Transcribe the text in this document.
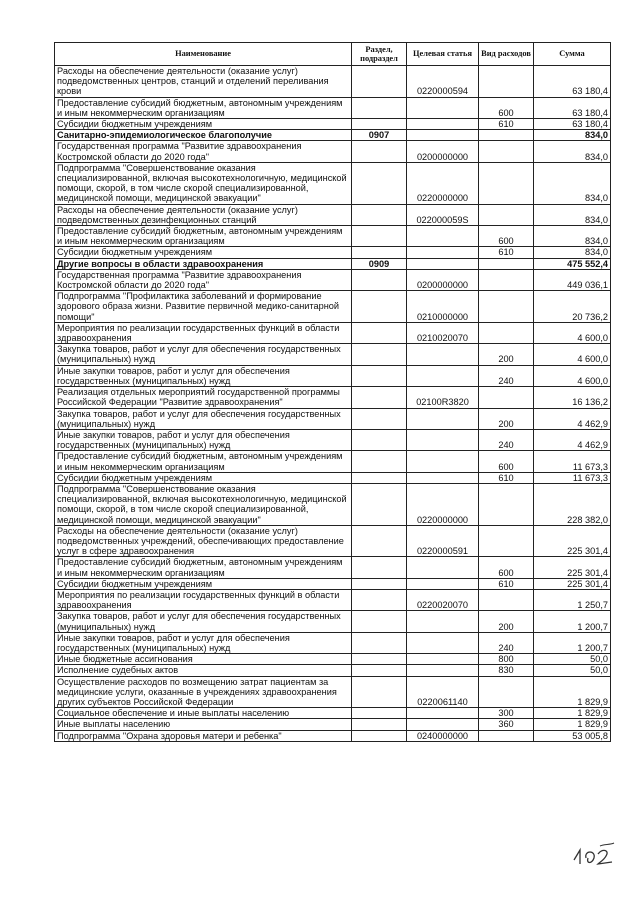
Наименование	Раздел, подраздел	Целевая статья	Вид расходов	Сумма
Расходы на обеспечение деятельности (оказание услуг) подведомственных центров, станций и отделений переливания крови		0220000594		63 180,4
Предоставление субсидий бюджетным, автономным учреждениям и иным некоммерческим организациям			600	63 180,4
Субсидии бюджетным учреждениям			610	63 180,4
Санитарно-эпидемиологическое благополучие	0907			834,0
Государственная программа "Развитие здравоохранения Костромской области до 2020 года"		0200000000		834,0
Подпрограмма "Совершенствование оказания специализированной, включая высокотехнологичную, медицинской помощи, скорой, в том числе скорой специализированной, медицинской помощи, медицинской эвакуации"		0220000000		834,0
Расходы на обеспечение деятельности (оказание услуг) подведомственных дезинфекционных станций		022000059S		834,0
Предоставление субсидий бюджетным, автономным учреждениям и иным некоммерческим организациям			600	834,0
Субсидии бюджетным учреждениям			610	834,0
Другие вопросы в области здравоохранения	0909			475 552,4
Государственная программа "Развитие здравоохранения Костромской области до 2020 года"		0200000000		449 036,1
Подпрограмма "Профилактика заболеваний и формирование здорового образа жизни. Развитие первичной медико-санитарной помощи"		0210000000		20 736,2
Мероприятия по реализации государственных функций в области здравоохранения		0210020070		4 600,0
Закупка товаров, работ и услуг для обеспечения государственных (муниципальных) нужд			200	4 600,0
Иные закупки товаров, работ и услуг для обеспечения государственных (муниципальных) нужд			240	4 600,0
Реализация отдельных мероприятий государственной программы Российской Федерации "Развитие здравоохранения"		02100R3820		16 136,2
Закупка товаров, работ и услуг для обеспечения государственных (муниципальных) нужд			200	4 462,9
Иные закупки товаров, работ и услуг для обеспечения государственных (муниципальных) нужд			240	4 462,9
Предоставление субсидий бюджетным, автономным учреждениям и иным некоммерческим организациям			600	11 673,3
Субсидии бюджетным учреждениям			610	11 673,3
Подпрограмма "Совершенствование оказания специализированной, включая высокотехнологичную, медицинской помощи, скорой, в том числе скорой специализированной, медицинской помощи, медицинской эвакуации"		0220000000		228 382,0
Расходы на обеспечение деятельности (оказание услуг) подведомственных учреждений, обеспечивающих предоставление услуг в сфере здравоохранения		0220000591		225 301,4
Предоставление субсидий бюджетным, автономным учреждениям и иным некоммерческим организациям			600	225 301,4
Субсидии бюджетным учреждениям			610	225 301,4
Мероприятия по реализации государственных функций в области здравоохранения		0220020070		1 250,7
Закупка товаров, работ и услуг для обеспечения государственных (муниципальных) нужд			200	1 200,7
Иные закупки товаров, работ и услуг для обеспечения государственных (муниципальных) нужд			240	1 200,7
Иные бюджетные ассигнования			800	50,0
Исполнение судебных актов			830	50,0
Осуществление расходов по возмещению затрат пациентам за медицинские услуги, оказанные в учреждениях здравоохранения других субъектов Российской Федерации		0220061140		1 829,9
Социальное обеспечение и иные выплаты населению			300	1 829,9
Иные выплаты населению			360	1 829,9
Подпрограмма "Охрана здоровья матери и ребенка"		0240000000		53 005,8
